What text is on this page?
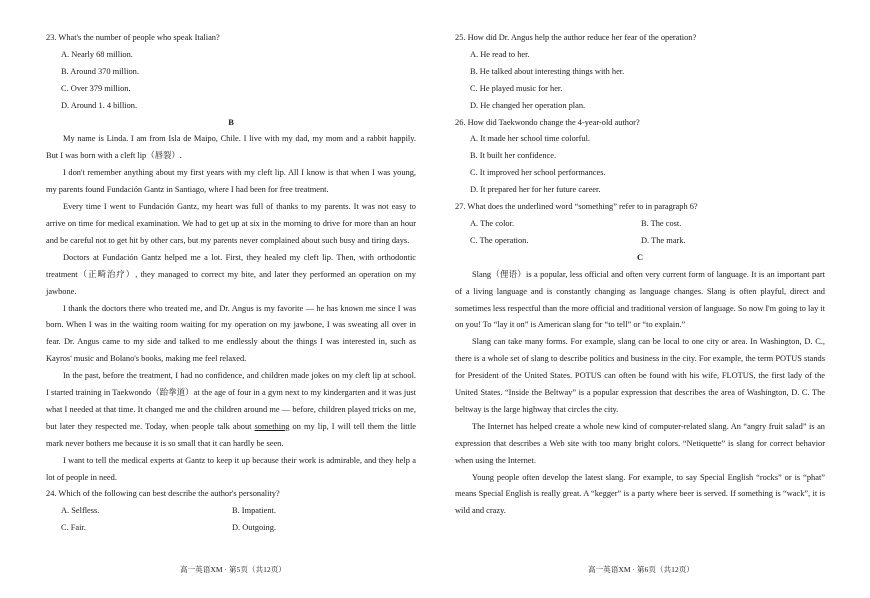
23. What's the number of people who speak Italian?
A. Nearly 68 million.
B. Around 370 million.
C. Over 379 million.
D. Around 1. 4 billion.
B
My name is Linda. I am from Isla de Maipo, Chile. I live with my dad, my mom and a rabbit happily. But I was born with a cleft lip（唇裂）.
I don't remember anything about my first years with my cleft lip. All I know is that when I was young, my parents found Fundación Gantz in Santiago, where I had been for free treatment.
Every time I went to Fundación Gantz, my heart was full of thanks to my parents. It was not easy to arrive on time for medical examination. We had to get up at six in the morning to drive for more than an hour and be careful not to get hit by other cars, but my parents never complained about such busy and tiring days.
Doctors at Fundación Gantz helped me a lot. First, they healed my cleft lip. Then, with orthodontic treatment（正畸治疗）, they managed to correct my bite, and later they performed an operation on my jawbone.
I thank the doctors there who treated me, and Dr. Angus is my favorite — he has known me since I was born. When I was in the waiting room waiting for my operation on my jawbone, I was sweating all over in fear. Dr. Angus came to my side and talked to me endlessly about the things I was interested in, such as Kayros' music and Bolano's books, making me feel relaxed.
In the past, before the treatment, I had no confidence, and children made jokes on my cleft lip at school. I started training in Taekwondo（跆拳道）at the age of four in a gym next to my kindergarten and it was just what I needed at that time. It changed me and the children around me — before, children played tricks on me, but later they respected me. Today, when people talk about something on my lip, I will tell them the little mark never bothers me because it is so small that it can hardly be seen.
I want to tell the medical experts at Gantz to keep it up because their work is admirable, and they help a lot of people in need.
24. Which of the following can best describe the author's personality?
A. Selfless.	B. Impatient.
C. Fair.	D. Outgoing.
25. How did Dr. Angus help the author reduce her fear of the operation?
A. He read to her.
B. He talked about interesting things with her.
C. He played music for her.
D. He changed her operation plan.
26. How did Taekwondo change the 4-year-old author?
A. It made her school time colorful.
B. It built her confidence.
C. It improved her school performances.
D. It prepared her for her future career.
27. What does the underlined word “something” refer to in paragraph 6?
A. The color.	B. The cost.
C. The operation.	D. The mark.
C
Slang（俚语）is a popular, less official and often very current form of language. It is an important part of a living language and is constantly changing as language changes. Slang is often playful, direct and sometimes less respectful than the more official and traditional version of language. So now I'm going to lay it on you! To “lay it on” is American slang for “to tell” or “to explain.”
Slang can take many forms. For example, slang can be local to one city or area. In Washington, D. C., there is a whole set of slang to describe politics and business in the city. For example, the term POTUS stands for President of the United States. POTUS can often be found with his wife, FLOTUS, the first lady of the United States. “Inside the Beltway” is a popular expression that describes the area of Washington, D. C. The beltway is the large highway that circles the city.
The Internet has helped create a whole new kind of computer-related slang. An “angry fruit salad” is an expression that describes a Web site with too many bright colors. “Netiquette” is slang for correct behavior when using the Internet.
Young people often develop the latest slang. For example, to say Special English “rocks” or is “phat” means Special English is really great. A “kegger” is a party where beer is served. If something is “wack”, it is wild and crazy.
高一英语XM · 第5页（共12页）	高一英语XM · 第6页（共12页）
